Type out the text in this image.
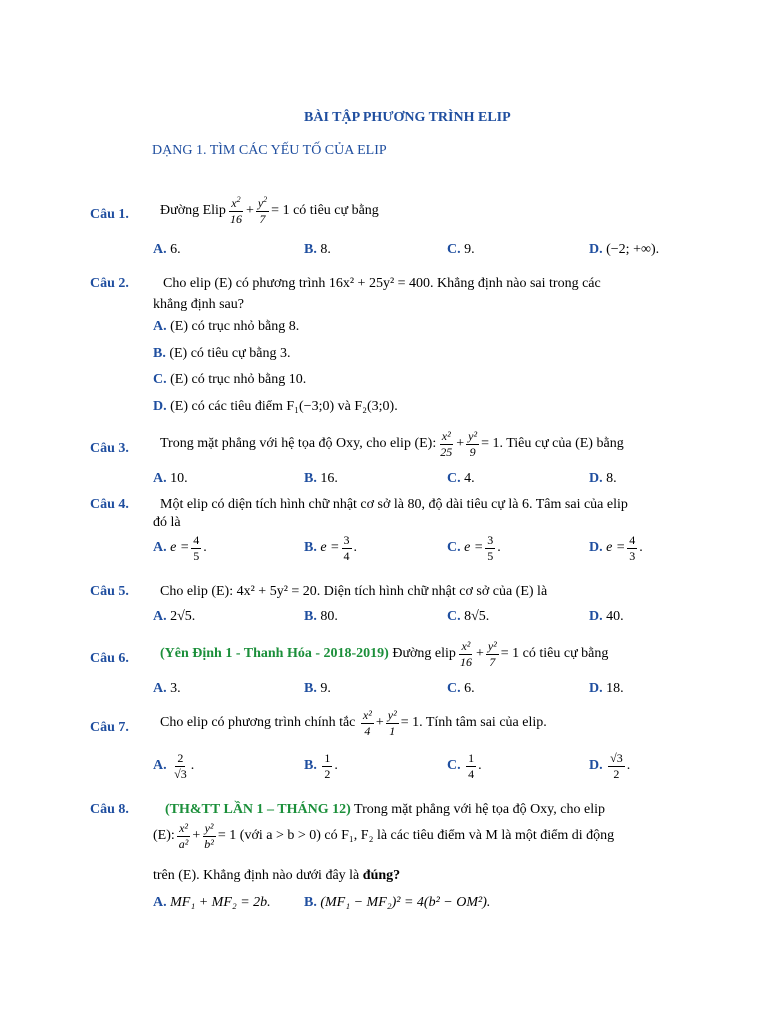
BÀI TẬP PHƯƠNG TRÌNH ELIP
DẠNG 1. TÌM CÁC YẾU TỐ CỦA ELIP
Câu 1. Đường Elip $\frac{x^2}{16} + \frac{y^2}{7} = 1$
có tiêu cự bằng
A. 6.	B. 8.	C. 9.	D. (−2; +∞).
Câu 2. Cho elip (E) có phương trình 16x² + 25y² = 400. Khẳng định nào sai trong các
khẳng định sau?
A. (E) có trục nhỏ bằng 8.
B. (E) có tiêu cự bằng 3.
C. (E) có trục nhỏ bằng 10.
D. (E) có các tiêu điểm F₁(−3;0) và F₂(3;0).
Câu 3. Trong mặt phẳng với hệ tọa độ Oxy, cho elip (E): $\frac{\text{x²}}{25} + \frac{\text{y²}}{9} = 1$. Tiêu cự của (E) bằng
A. 10.	B. 16.	C. 4.	D. 8.
Câu 4. Một elip có diện tích hình chữ nhật cơ sở là 80, độ dài tiêu cự là 6. Tâm sai của elip
đó là
A.
$e = \frac{4}{5}$ .	B.
$e = \frac{3}{4}$ .	C.
$e = \frac{3}{5}$ .	D.
$e = \frac{4}{3}$ .
Câu 5. Cho elip (E): 4x² + 5y² = 20. Diện tích hình chữ nhật cơ sở của (E) là
A. 2√5.	B. 80.	C. 8√5.	D. 40.
Câu 6. (Yên Định 1 - Thanh Hóa - 2018-2019)
Đường elip $\frac{\text{x²}}{16} + \frac{\text{y²}}{7} = 1$ có tiêu cự bằng
A. 3.	B. 9.	C. 6.	D. 18.
Câu 7. Cho elip có phương trình chính tắc
$\frac{\text{x²}}{4} + \frac{\text{y²}}{1} = 1$. Tính tâm sai của elip.
A.
$\frac{2}{√3}$ .	B.
$\frac{1}{2}$ .	C.
$\frac{1}{4}$ .	D.
$\frac{√3}{2}$ .
Câu 8.	(TH&TT LẦN 1 – THÁNG 12) Trong mặt phẳng với hệ tọa độ Oxy, cho elip
(E): $\frac{\text{x²}}{\text{a²}} + \frac{\text{y²}}{\text{b²}} = 1$ (với a > b > 0) có F₁, F₂ là các tiêu điểm và M là một điểm di động
trên (E). Khẳng định nào dưới đây là đúng?
A. MF₁ + MF₂ = 2b. B. (MF₁ − MF₂)² = 4(b² − OM²).
